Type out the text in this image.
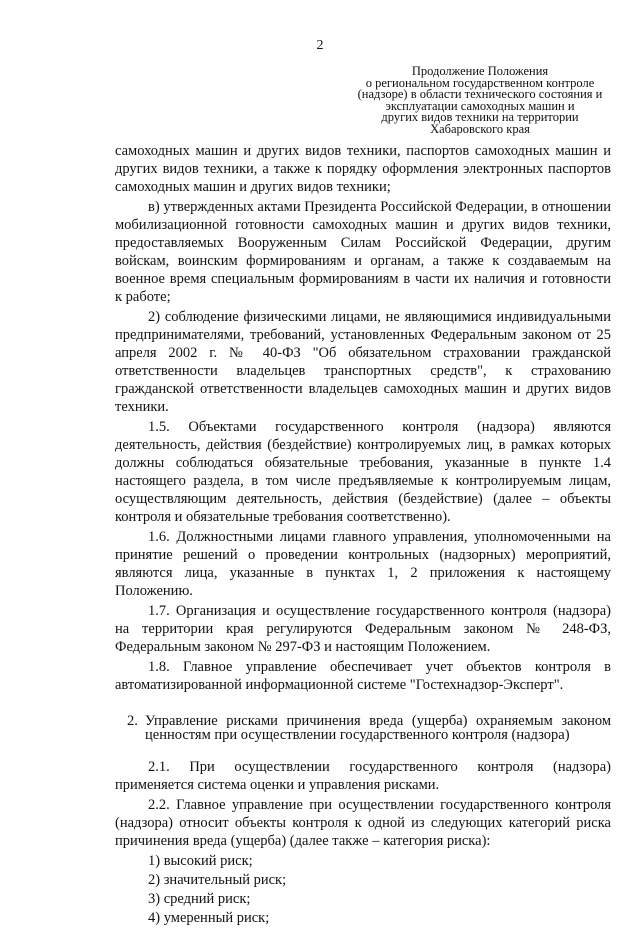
2
Продолжение Положения
о региональном государственном контроле
(надзоре) в области технического состояния и
эксплуатации самоходных машин и
других видов техники на территории
Хабаровского края

самоходных машин и других видов техники, паспортов самоходных машин и других видов техники, а также к порядку оформления электронных паспортов самоходных машин и других видов техники;

в) утвержденных актами Президента Российской Федерации, в отношении мобилизационной готовности самоходных машин и других видов техники, предоставляемых Вооруженным Силам Российской Федерации, другим войскам, воинским формированиям и органам, а также к создаваемым на военное время специальным формированиям в части их наличия и готовности к работе;

2) соблюдение физическими лицами, не являющимися индивидуальными предпринимателями, требований, установленных Федеральным законом от 25 апреля 2002 г. № 40-ФЗ "Об обязательном страховании гражданской ответственности владельцев транспортных средств", к страхованию гражданской ответственности владельцев самоходных машин и других видов техники.

1.5. Объектами государственного контроля (надзора) являются деятельность, действия (бездействие) контролируемых лиц, в рамках которых должны соблюдаться обязательные требования, указанные в пункте 1.4 настоящего раздела, в том числе предъявляемые к контролируемым лицам, осуществляющим деятельность, действия (бездействие) (далее – объекты контроля и обязательные требования соответственно).

1.6. Должностными лицами главного управления, уполномоченными на принятие решений о проведении контрольных (надзорных) мероприятий, являются лица, указанные в пунктах 1, 2 приложения к настоящему Положению.

1.7. Организация и осуществление государственного контроля (надзора) на территории края регулируются Федеральным законом № 248-ФЗ, Федеральным законом № 297-ФЗ и настоящим Положением.

1.8. Главное управление обеспечивает учет объектов контроля в автоматизированной информационной системе "Гостехнадзор-Эксперт".

2. Управление рисками причинения вреда (ущерба) охраняемым законом ценностям при осуществлении государственного контроля (надзора)

2.1. При осуществлении государственного контроля (надзора) применяется система оценки и управления рисками.

2.2. Главное управление при осуществлении государственного контроля (надзора) относит объекты контроля к одной из следующих категорий риска причинения вреда (ущерба) (далее также – категория риска):

1) высокий риск;

2) значительный риск;

3) средний риск;

4) умеренный риск;
